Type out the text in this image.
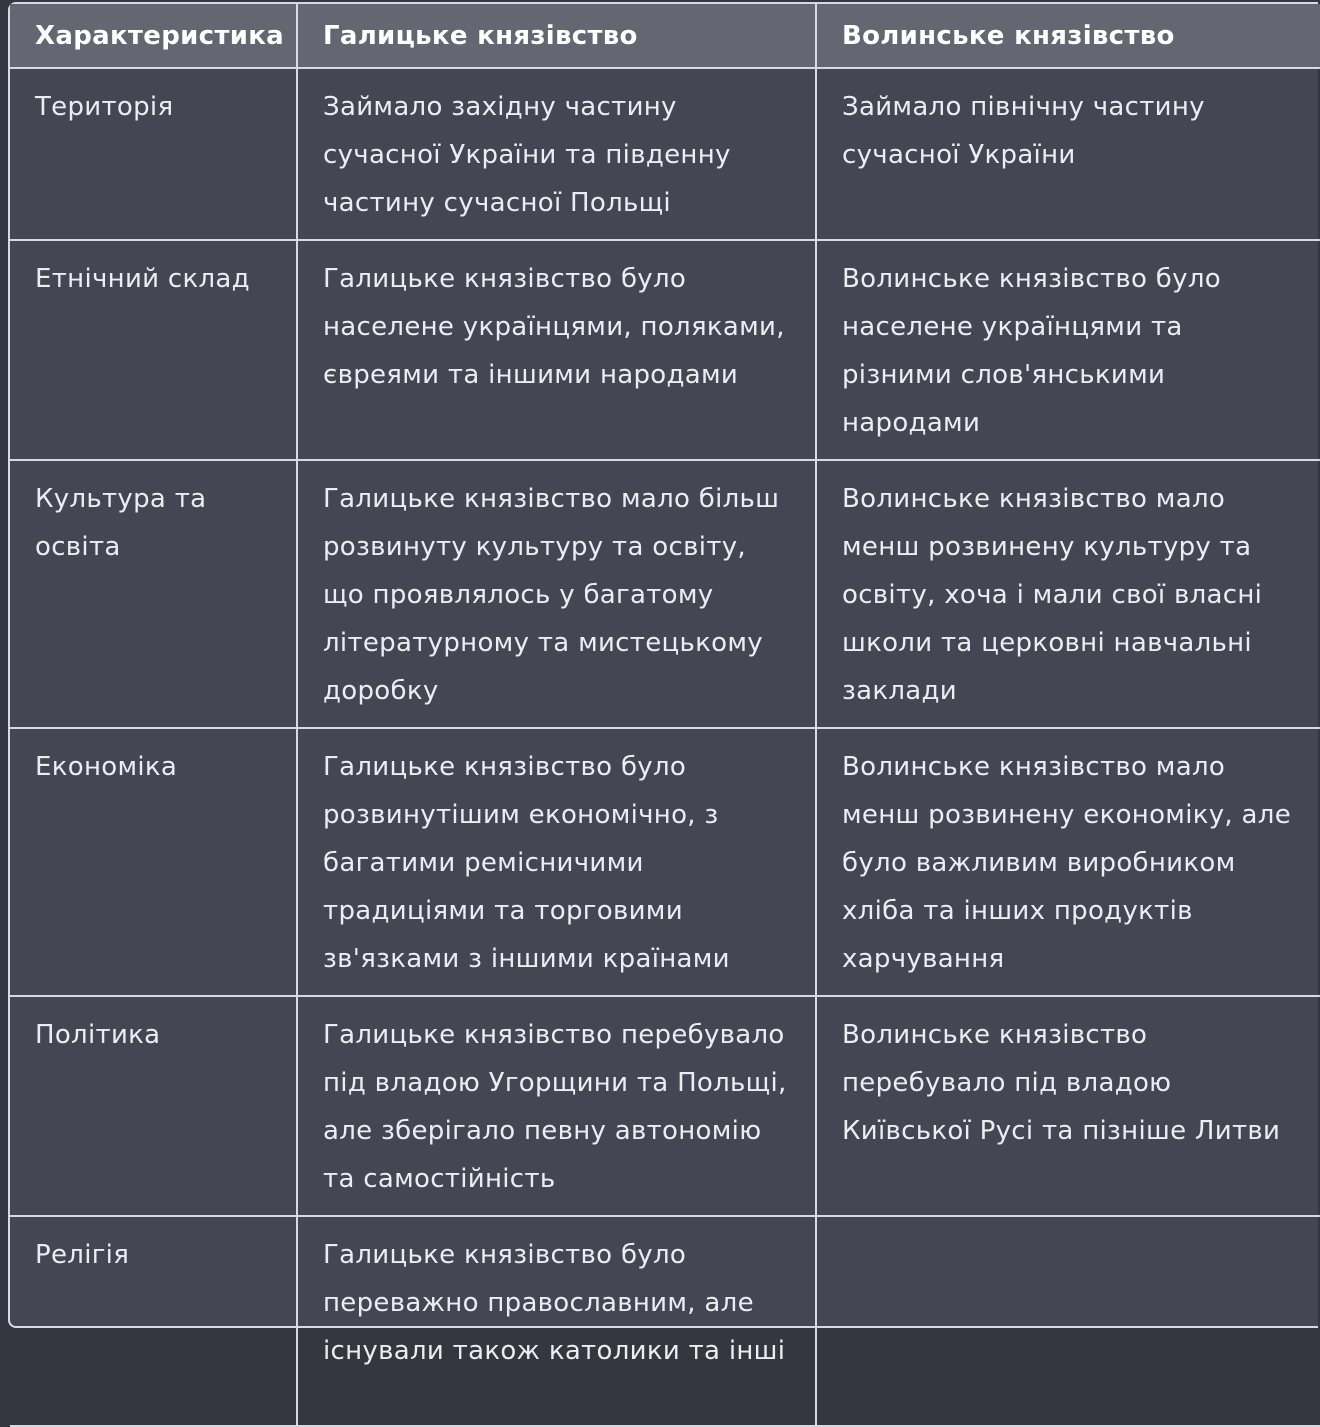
Характеристика	Галицьке князівство	Волинське князівство
Територія	Займало західну частину сучасної України та південну частину сучасної Польщі	Займало північну частину сучасної України
Етнічний склад	Галицьке князівство було населене українцями, поляками, євреями та іншими народами	Волинське князівство було населене українцями та різними слов'янськими народами
Культура та освіта	Галицьке князівство мало більш розвинуту культуру та освіту, що проявлялось у багатому літературному та мистецькому доробку	Волинське князівство мало менш розвинену культуру та освіту, хоча і мали свої власні школи та церковні навчальні заклади
Економіка	Галицьке князівство було розвинутішим економічно, з багатими ремісничими традиціями та торговими зв'язками з іншими країнами	Волинське князівство мало менш розвинену економіку, але було важливим виробником хліба та інших продуктів харчування
Політика	Галицьке князівство перебувало під владою Угорщини та Польщі, але зберігало певну автономію та самостійність	Волинське князівство перебувало під владою Київської Русі та пізніше Литви
Релігія	Галицьке князівство було переважно православним, але існували також католики та інші	
